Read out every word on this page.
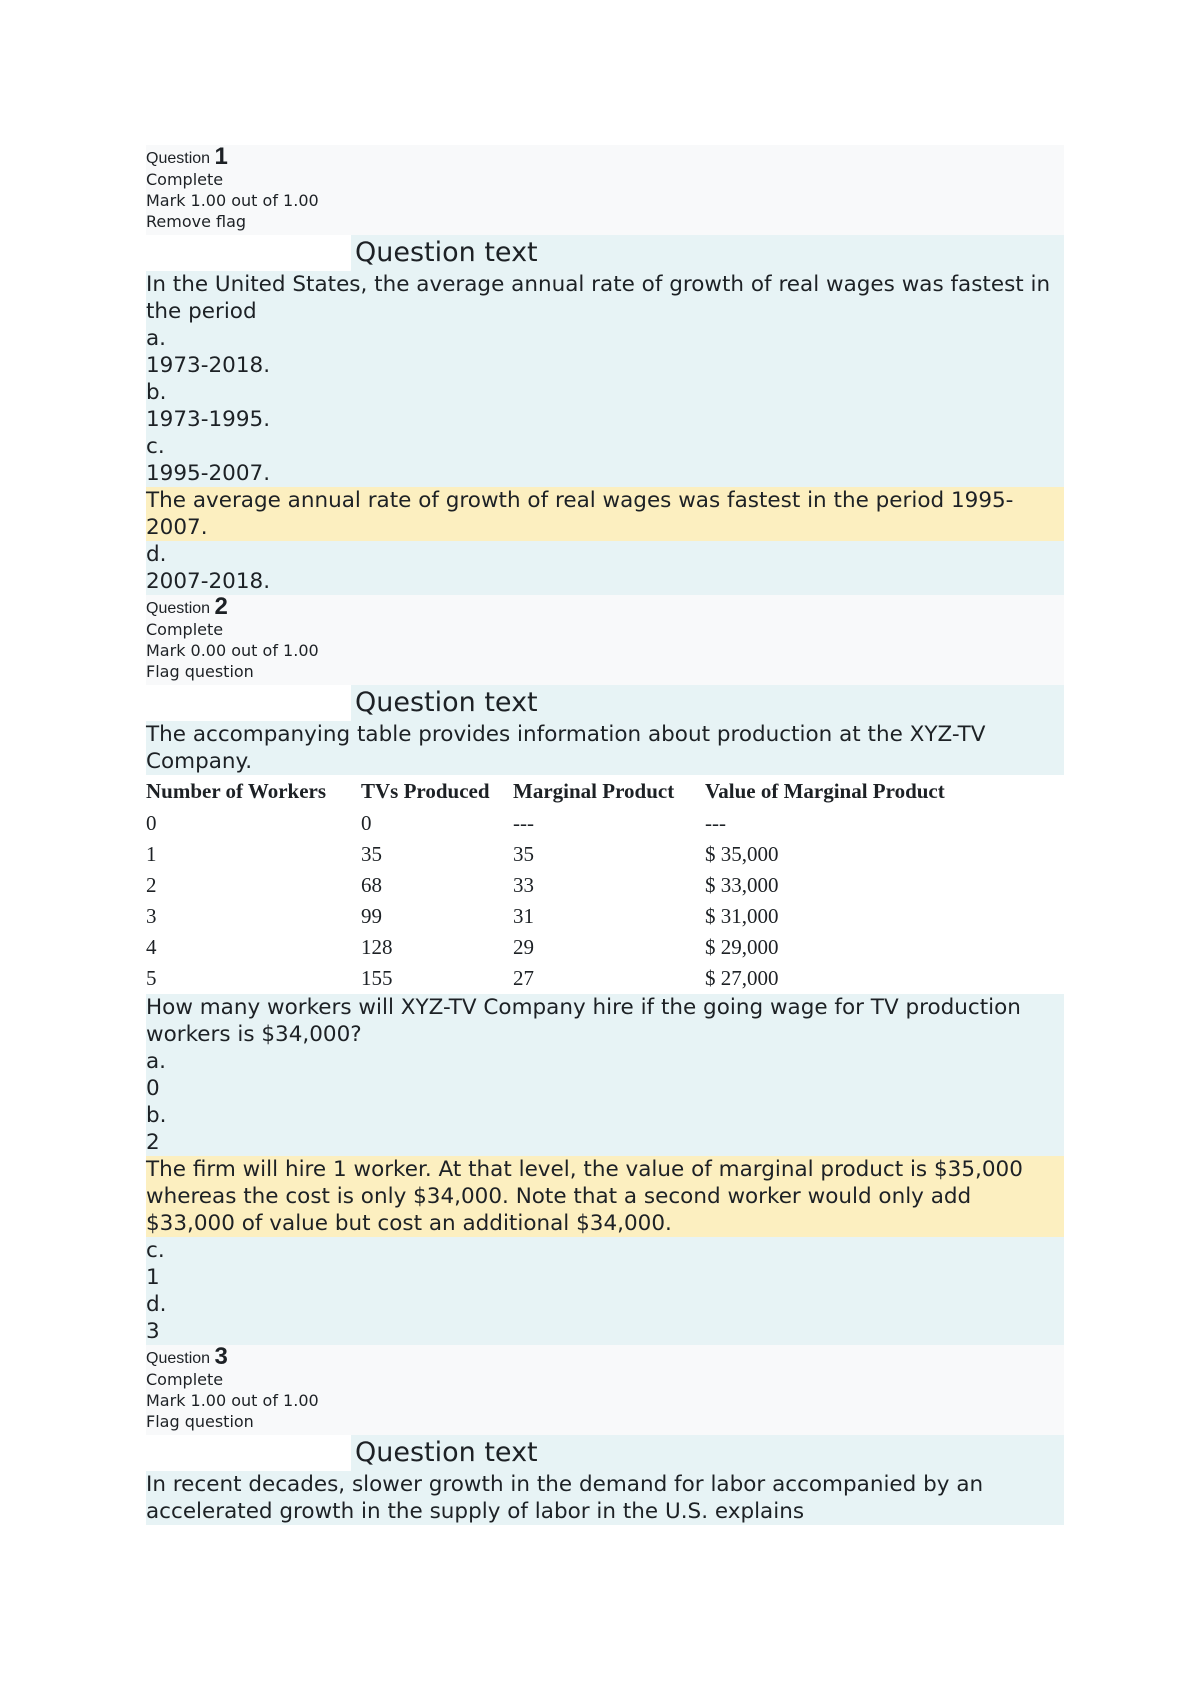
Question 1
Complete
Mark 1.00 out of 1.00
Remove flag
Question text
In the United States, the average annual rate of growth of real wages was fastest in the period
a.
1973-2018.
b.
1973-1995.
c.
1995-2007.
The average annual rate of growth of real wages was fastest in the period 1995-2007.
d.
2007-2018.
Question 2
Complete
Mark 0.00 out of 1.00
Flag question
Question text
The accompanying table provides information about production at the XYZ-TV Company.
Number of Workers	TVs Produced	Marginal Product	Value of Marginal Product
0	0	---	---
1	35	35	$ 35,000
2	68	33	$ 33,000
3	99	31	$ 31,000
4	128	29	$ 29,000
5	155	27	$ 27,000
How many workers will XYZ-TV Company hire if the going wage for TV production workers is $34,000?
a.
0
b.
2
The firm will hire 1 worker. At that level, the value of marginal product is $35,000 whereas the cost is only $34,000. Note that a second worker would only add $33,000 of value but cost an additional $34,000.
c.
1
d.
3
Question 3
Complete
Mark 1.00 out of 1.00
Flag question
Question text
In recent decades, slower growth in the demand for labor accompanied by an accelerated growth in the supply of labor in the U.S. explains
